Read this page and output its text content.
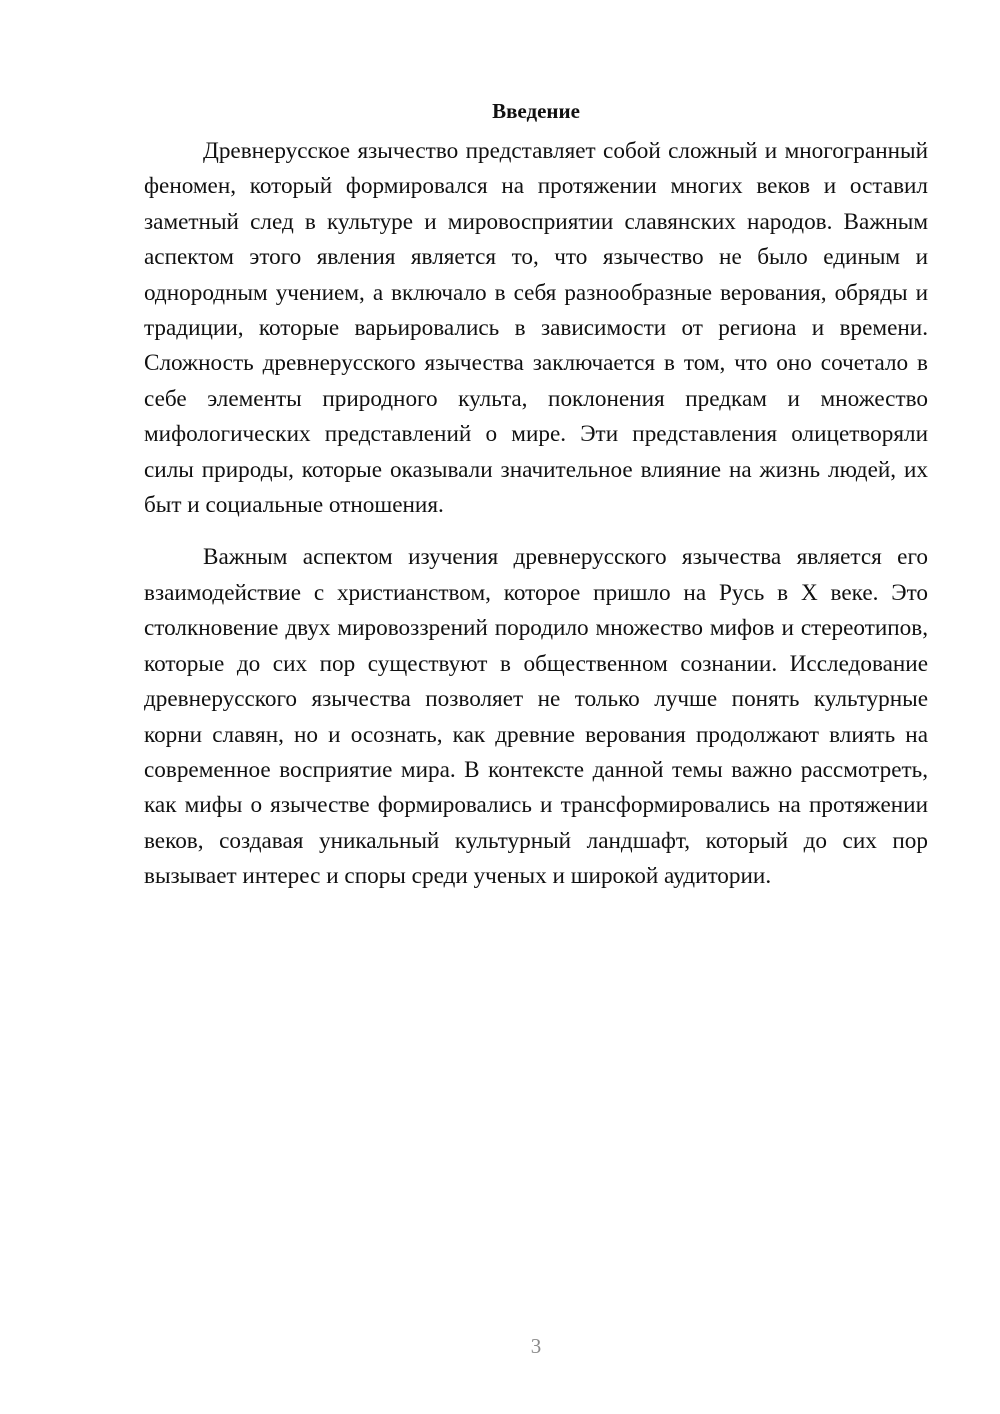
Введение

Древнерусское язычество представляет собой сложный и многогранный феномен, который формировался на протяжении многих веков и оставил заметный след в культуре и мировосприятии славянских народов. Важным аспектом этого явления является то, что язычество не было единым и однородным учением, а включало в себя разнообразные верования, обряды и традиции, которые варьировались в зависимости от региона и времени. Сложность древнерусского язычества заключается в том, что оно сочетало в себе элементы природного культа, поклонения предкам и множество мифологических представлений о мире. Эти представления олицетворяли силы природы, которые оказывали значительное влияние на жизнь людей, их быт и социальные отношения.

Важным аспектом изучения древнерусского язычества является его взаимодействие с христианством, которое пришло на Русь в X веке. Это столкновение двух мировоззрений породило множество мифов и стереотипов, которые до сих пор существуют в общественном сознании. Исследование древнерусского язычества позволяет не только лучше понять культурные корни славян, но и осознать, как древние верования продолжают влиять на современное восприятие мира. В контексте данной темы важно рассмотреть, как мифы о язычестве формировались и трансформировались на протяжении веков, создавая уникальный культурный ландшафт, который до сих пор вызывает интерес и споры среди ученых и широкой аудитории.

3
